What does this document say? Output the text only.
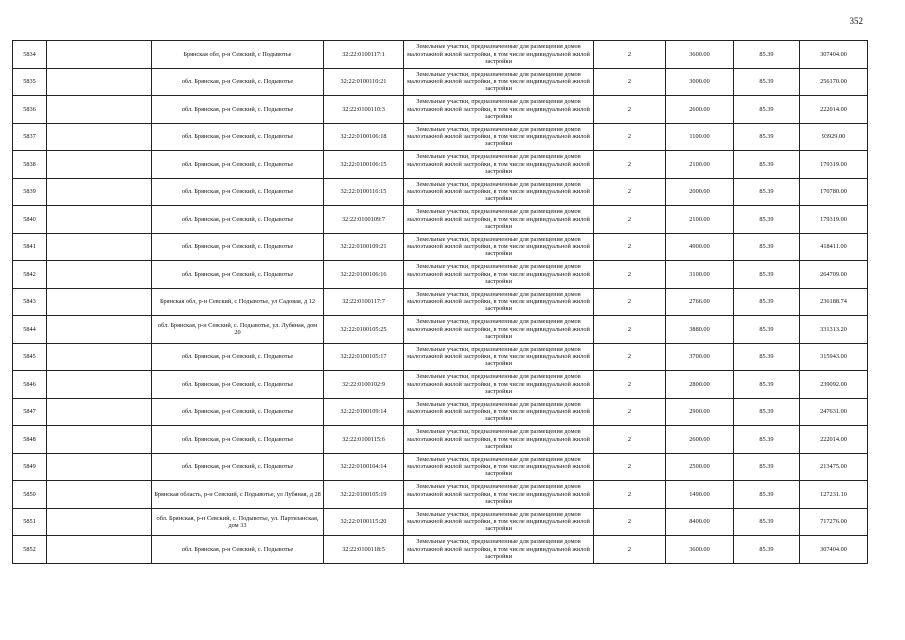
352
5834		Брянская обл, р-н Севский, с Подывотье	32:22:0100117:1	Земельные участки, предназначенные для размещения домов малоэтажной жилой застройки, в том числе индивидуальной жилой застройки	2	3600.00	85.39	307404.00
5835		обл. Брянская, р-н Севский, с. Подывотье	32:22:0100110:21	Земельные участки, предназначенные для размещения домов малоэтажной жилой застройки, в том числе индивидуальной жилой застройки	2	3000.00	85.39	256170.00
5836		обл. Брянская, р-н Севский, с. Подывотье	32:22:0100110:3	Земельные участки, предназначенные для размещения домов малоэтажной жилой застройки, в том числе индивидуальной жилой застройки	2	2600.00	85.39	222014.00
5837		обл. Брянская, р-н Севский, с. Подывотье	32:22:0100106:18	Земельные участки, предназначенные для размещения домов малоэтажной жилой застройки, в том числе индивидуальной жилой застройки	2	1100.00	85.39	93929.00
5838		обл. Брянская, р-н Севский, с. Подывотье	32:22:0100106:15	Земельные участки, предназначенные для размещения домов малоэтажной жилой застройки, в том числе индивидуальной жилой застройки	2	2100.00	85.39	179319.00
5839		обл. Брянская, р-н Севский, с. Подывотье	32:22:0100116:15	Земельные участки, предназначенные для размещения домов малоэтажной жилой застройки, в том числе индивидуальной жилой застройки	2	2000.00	85.39	170780.00
5840		обл. Брянская, р-н Севский, с. Подывотье	32:22:0100109:7	Земельные участки, предназначенные для размещения домов малоэтажной жилой застройки, в том числе индивидуальной жилой застройки	2	2100.00	85.39	179319.00
5841		обл. Брянская, р-н Севский, с. Подывотье	32:22:0100109:21	Земельные участки, предназначенные для размещения домов малоэтажной жилой застройки, в том числе индивидуальной жилой застройки	2	4900.00	85.39	418411.00
5842		обл. Брянская, р-н Севский, с. Подывотье	32:22:0100106:16	Земельные участки, предназначенные для размещения домов малоэтажной жилой застройки, в том числе индивидуальной жилой застройки	2	3100.00	85.39	264709.00
5843		Брянская обл, р-н Севский, с Подывотье, ул Садовая, д 12	32:22:0100117:7	Земельные участки, предназначенные для размещения домов малоэтажной жилой застройки, в том числе индивидуальной жилой застройки	2	2766.00	85.39	236188.74
5844		обл. Брянская, р-н Севский, с. Подывотье, ул. Лубяная, дом 20	32:22:0100105:25	Земельные участки, предназначенные для размещения домов малоэтажной жилой застройки, в том числе индивидуальной жилой застройки	2	3880.00	85.39	331313.20
5845		обл. Брянская, р-н Севский, с. Подывотье	32:22:0100105:17	Земельные участки, предназначенные для размещения домов малоэтажной жилой застройки, в том числе индивидуальной жилой застройки	2	3700.00	85.39	315943.00
5846		обл. Брянская, р-н Севский, с. Подывотье	32:22:0100102:9	Земельные участки, предназначенные для размещения домов малоэтажной жилой застройки, в том числе индивидуальной жилой застройки	2	2800.00	85.39	239092.00
5847		обл. Брянская, р-н Севский, с. Подывотье	32:22:0100109:14	Земельные участки, предназначенные для размещения домов малоэтажной жилой застройки, в том числе индивидуальной жилой застройки	2	2900.00	85.39	247631.00
5848		обл. Брянская, р-н Севский, с. Подывотье	32:22:0100115:6	Земельные участки, предназначенные для размещения домов малоэтажной жилой застройки, в том числе индивидуальной жилой застройки	2	2600.00	85.39	222014.00
5849		обл. Брянская, р-н Севский, с. Подывотье	32:22:0100104:14	Земельные участки, предназначенные для размещения домов малоэтажной жилой застройки, в том числе индивидуальной жилой застройки	2	2500.00	85.39	213475.00
5850		Брянская область, р-н Севский, с Подывотье, ул Лубяная, д 28	32:22:0100105:19	Земельные участки, предназначенные для размещения домов малоэтажной жилой застройки, в том числе индивидуальной жилой застройки	2	1490.00	85.39	127231.10
5851		обл. Брянская, р-н Севский, с. Подывотье, ул. Партизанская, дом 33	32:22:0100115:20	Земельные участки, предназначенные для размещения домов малоэтажной жилой застройки, в том числе индивидуальной жилой застройки	2	8400.00	85.39	717276.00
5852		обл. Брянская, р-н Севский, с. Подывотье	32:22:0100118:5	Земельные участки, предназначенные для размещения домов малоэтажной жилой застройки, в том числе индивидуальной жилой застройки	2	3600.00	85.39	307404.00
